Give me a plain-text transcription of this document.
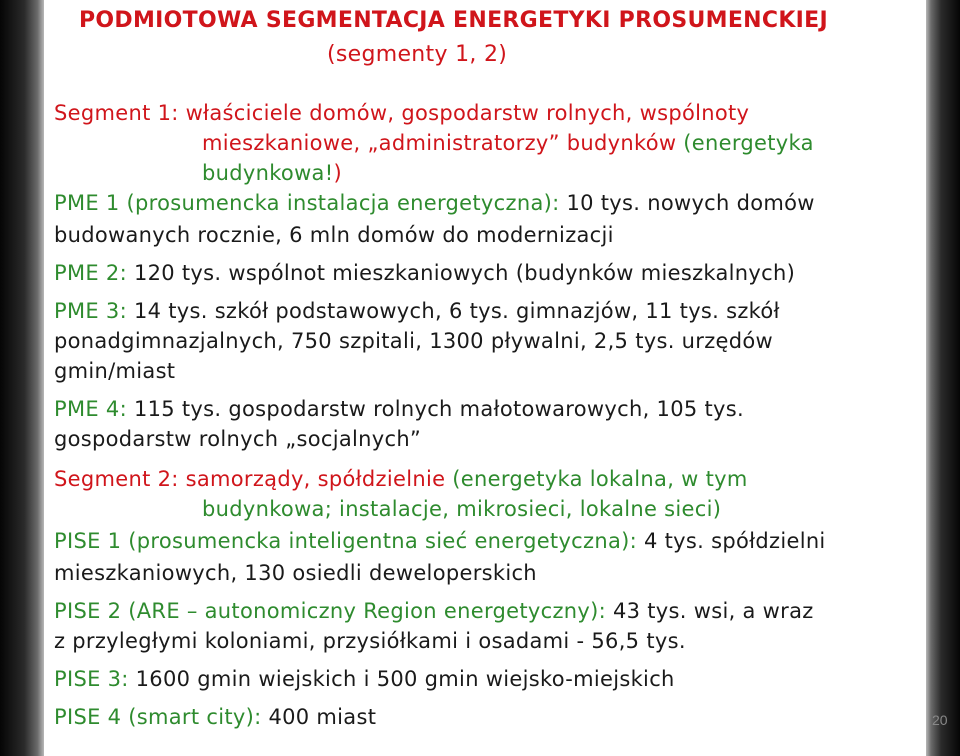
PODMIOTOWA SEGMENTACJA ENERGETYKI PROSUMENCKIEJ
(segmenty 1, 2)
Segment 1: właściciele domów, gospodarstw rolnych, wspólnoty
mieszkaniowe, „administratorzy” budynków (energetyka
budynkowa!)
PME 1 (prosumencka instalacja energetyczna): 10 tys. nowych domów
budowanych rocznie, 6 mln domów do modernizacji
PME 2: 120 tys. wspólnot mieszkaniowych (budynków mieszkalnych)
PME 3: 14 tys. szkół podstawowych, 6 tys. gimnazjów, 11 tys. szkół
ponadgimnazjalnych, 750 szpitali, 1300 pływalni, 2,5 tys. urzędów
gmin/miast
PME 4: 115 tys. gospodarstw rolnych małotowarowych, 105 tys.
gospodarstw rolnych „socjalnych”
Segment 2: samorządy, spółdzielnie (energetyka lokalna, w tym
budynkowa; instalacje, mikrosieci, lokalne sieci)
PISE 1 (prosumencka inteligentna sieć energetyczna): 4 tys. spółdzielni
mieszkaniowych, 130 osiedli deweloperskich
PISE 2 (ARE – autonomiczny Region energetyczny): 43 tys. wsi, a wraz
z przyległymi koloniami, przysiółkami i osadami - 56,5 tys.
PISE 3: 1600 gmin wiejskich i 500 gmin wiejsko-miejskich
PISE 4 (smart city): 400 miast	20
